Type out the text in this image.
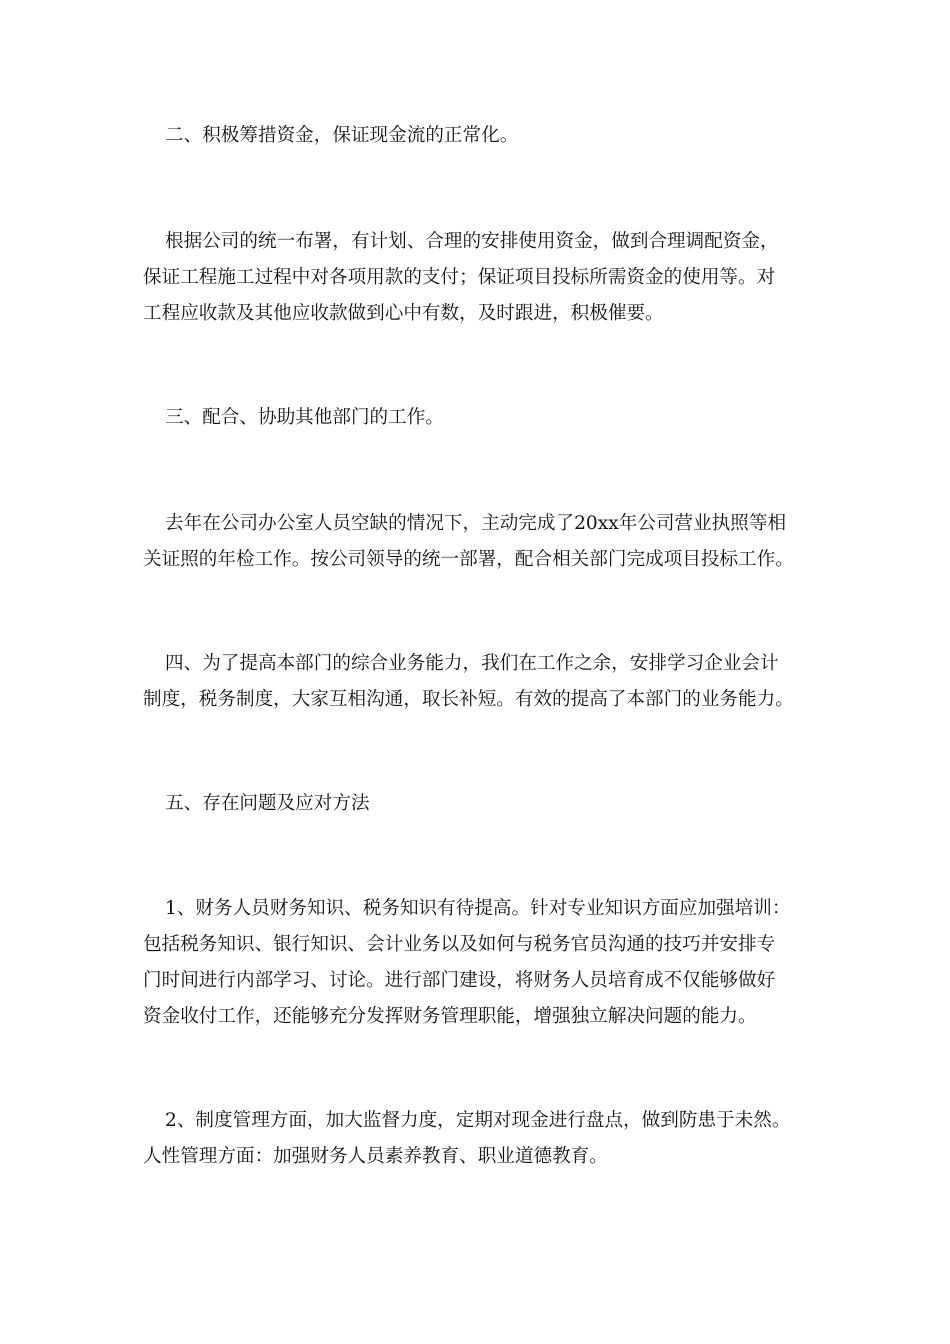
二、积极筹措资金，保证现金流的正常化。

根据公司的统一布署，有计划、合理的安排使用资金，做到合理调配资金，
保证工程施工过程中对各项用款的支付；保证项目投标所需资金的使用等。对
工程应收款及其他应收款做到心中有数，及时跟进，积极催要。

三、配合、协助其他部门的工作。

去年在公司办公室人员空缺的情况下，主动完成了20xx年公司营业执照等相
关证照的年检工作。按公司领导的统一部署，配合相关部门完成项目投标工作。

四、为了提高本部门的综合业务能力，我们在工作之余，安排学习企业会计
制度，税务制度，大家互相沟通，取长补短。有效的提高了本部门的业务能力。

五、存在问题及应对方法

1、财务人员财务知识、税务知识有待提高。针对专业知识方面应加强培训：
包括税务知识、银行知识、会计业务以及如何与税务官员沟通的技巧并安排专
门时间进行内部学习、讨论。进行部门建设，将财务人员培育成不仅能够做好
资金收付工作，还能够充分发挥财务管理职能，增强独立解决问题的能力。

2、制度管理方面，加大监督力度，定期对现金进行盘点，做到防患于未然。
人性管理方面：加强财务人员素养教育、职业道德教育。
